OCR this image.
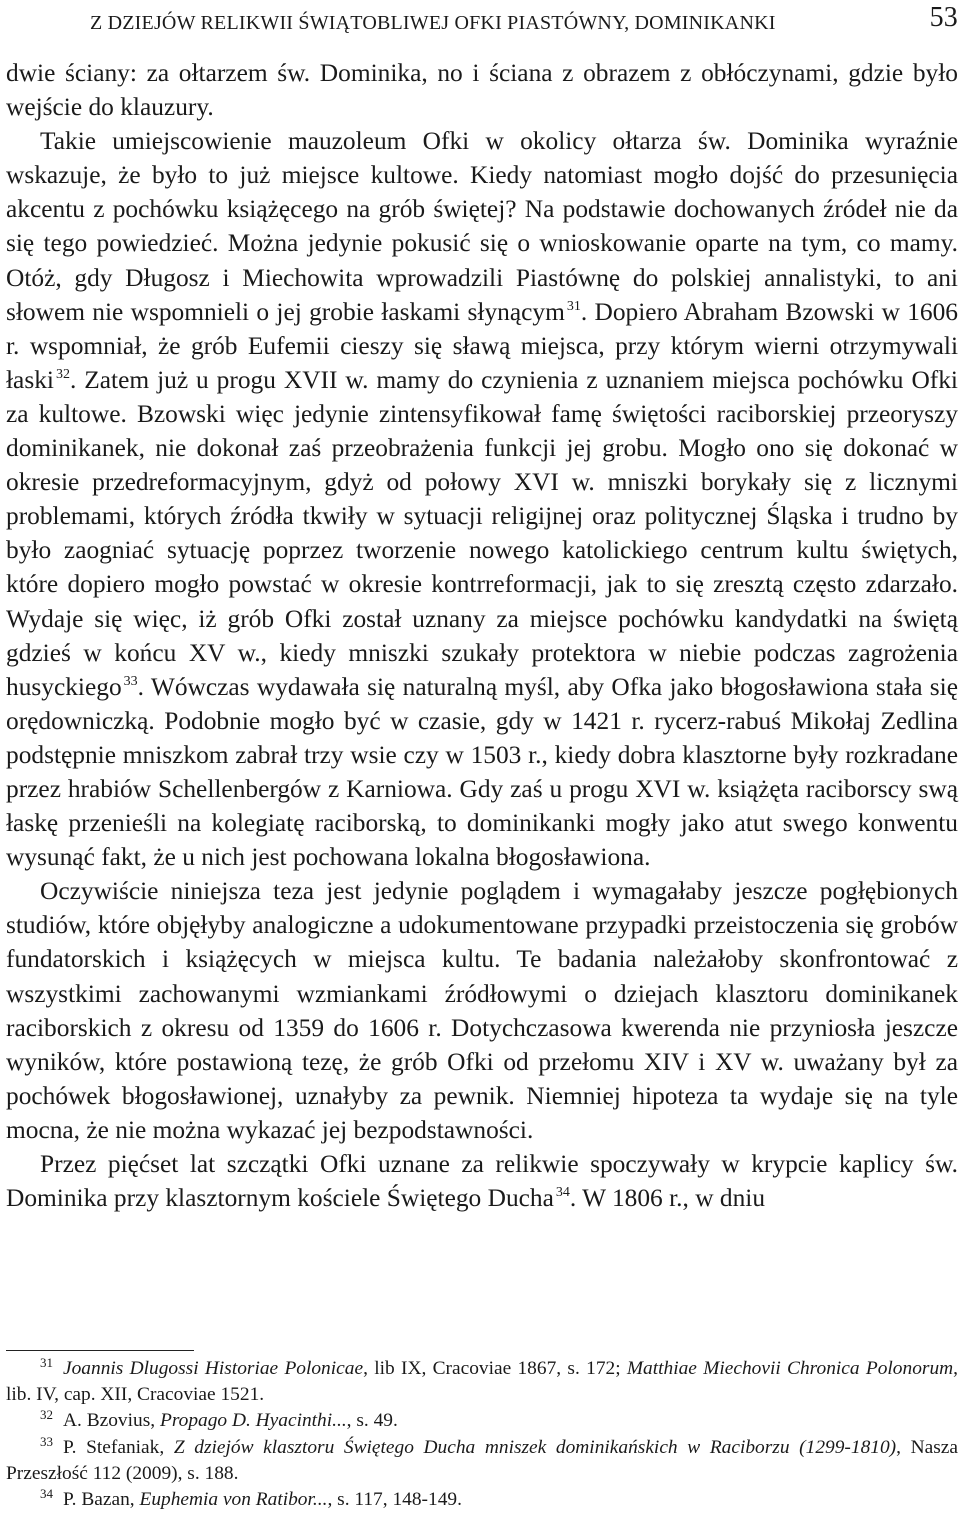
Z DZIEJÓW RELIKWII ŚWIĄTOBLIWEJ OFKI PIASTÓWNY, DOMINIKANKI	53

dwie ściany: za ołtarzem św. Dominika, no i ściana z obrazem z obłóczynami, gdzie było wejście do klauzury.

Takie umiejscowienie mauzoleum Ofki w okolicy ołtarza św. Dominika wyraźnie wskazuje, że było to już miejsce kultowe. Kiedy natomiast mogło dojść do przesunięcia akcentu z pochówku książęcego na grób świętej? Na podstawie dochowanych źródeł nie da się tego powiedzieć. Można jedynie pokusić się o wnioskowanie oparte na tym, co mamy. Otóż, gdy Długosz i Miechowita wprowadzili Piastównę do polskiej annalistyki, to ani słowem nie wspomnieli o jej grobie łaskami słynącym $^{31}$. Dopiero Abraham Bzowski w 1606 r. wspomniał, że grób Eufemii cieszy się sławą miejsca, przy którym wierni otrzymywali łaski $^{32}$. Zatem już u progu XVII w. mamy do czynienia z uznaniem miejsca pochówku Ofki za kultowe. Bzowski więc jedynie zintensyfikował famę świętości raciborskiej przeoryszy dominikanek, nie dokonał zaś przeobrażenia funkcji jej grobu. Mogło ono się dokonać w okresie przedreformacyjnym, gdyż od połowy XVI w. mniszki borykały się z licznymi problemami, których źródła tkwiły w sytuacji religijnej oraz politycznej Śląska i trudno by było zaogniać sytuację poprzez tworzenie nowego katolickiego centrum kultu świętych, które dopiero mogło powstać w okresie kontrreformacji, jak to się zresztą często zdarzało. Wydaje się więc, iż grób Ofki został uznany za miejsce pochówku kandydatki na świętą gdzieś w końcu XV w., kiedy mniszki szukały protektora w niebie podczas zagrożenia husyckiego $^{33}$. Wówczas wydawała się naturalną myśl, aby Ofka jako błogosławiona stała się orędowniczką. Podobnie mogło być w czasie, gdy w 1421 r. rycerz-rabuś Mikołaj Zedlina podstępnie mniszkom zabrał trzy wsie czy w 1503 r., kiedy dobra klasztorne były rozkradane przez hrabiów Schellenbergów z Karniowa. Gdy zaś u progu XVI w. książęta raciborscy swą łaskę przenieśli na kolegiatę raciborską, to dominikanki mogły jako atut swego konwentu wysunąć fakt, że u nich jest pochowana lokalna błogosławiona.

Oczywiście niniejsza teza jest jedynie poglądem i wymagałaby jeszcze pogłębionych studiów, które objęłyby analogiczne a udokumentowane przypadki przeistoczenia się grobów fundatorskich i książęcych w miejsca kultu. Te badania należałoby skonfrontować z wszystkimi zachowanymi wzmiankami źródłowymi o dziejach klasztoru dominikanek raciborskich z okresu od 1359 do 1606 r. Dotychczasowa kwerenda nie przyniosła jeszcze wyników, które postawioną tezę, że grób Ofki od przełomu XIV i XV w. uważany był za pochówek błogosławionej, uznałyby za pewnik. Niemniej hipoteza ta wydaje się na tyle mocna, że nie można wykazać jej bezpodstawności.

Przez pięćset lat szczątki Ofki uznane za relikwie spoczywały w krypcie kaplicy św. Dominika przy klasztornym kościele Świętego Ducha $^{34}$. W 1806 r., w dniu

$^{31}$ Joannis Dlugossi Historiae Polonicae, lib IX, Cracoviae 1867, s. 172; Matthiae Miechovii Chronica Polonorum, lib. IV, cap. XII, Cracoviae 1521.

$^{32}$ A. Bzovius, Propago D. Hyacinthi..., s. 49.

$^{33}$ P. Stefaniak, Z dziejów klasztoru Świętego Ducha mniszek dominikańskich w Raciborzu (1299-1810), Nasza Przeszłość 112 (2009), s. 188.

$^{34}$ P. Bazan, Euphemia von Ratibor..., s. 117, 148-149.
